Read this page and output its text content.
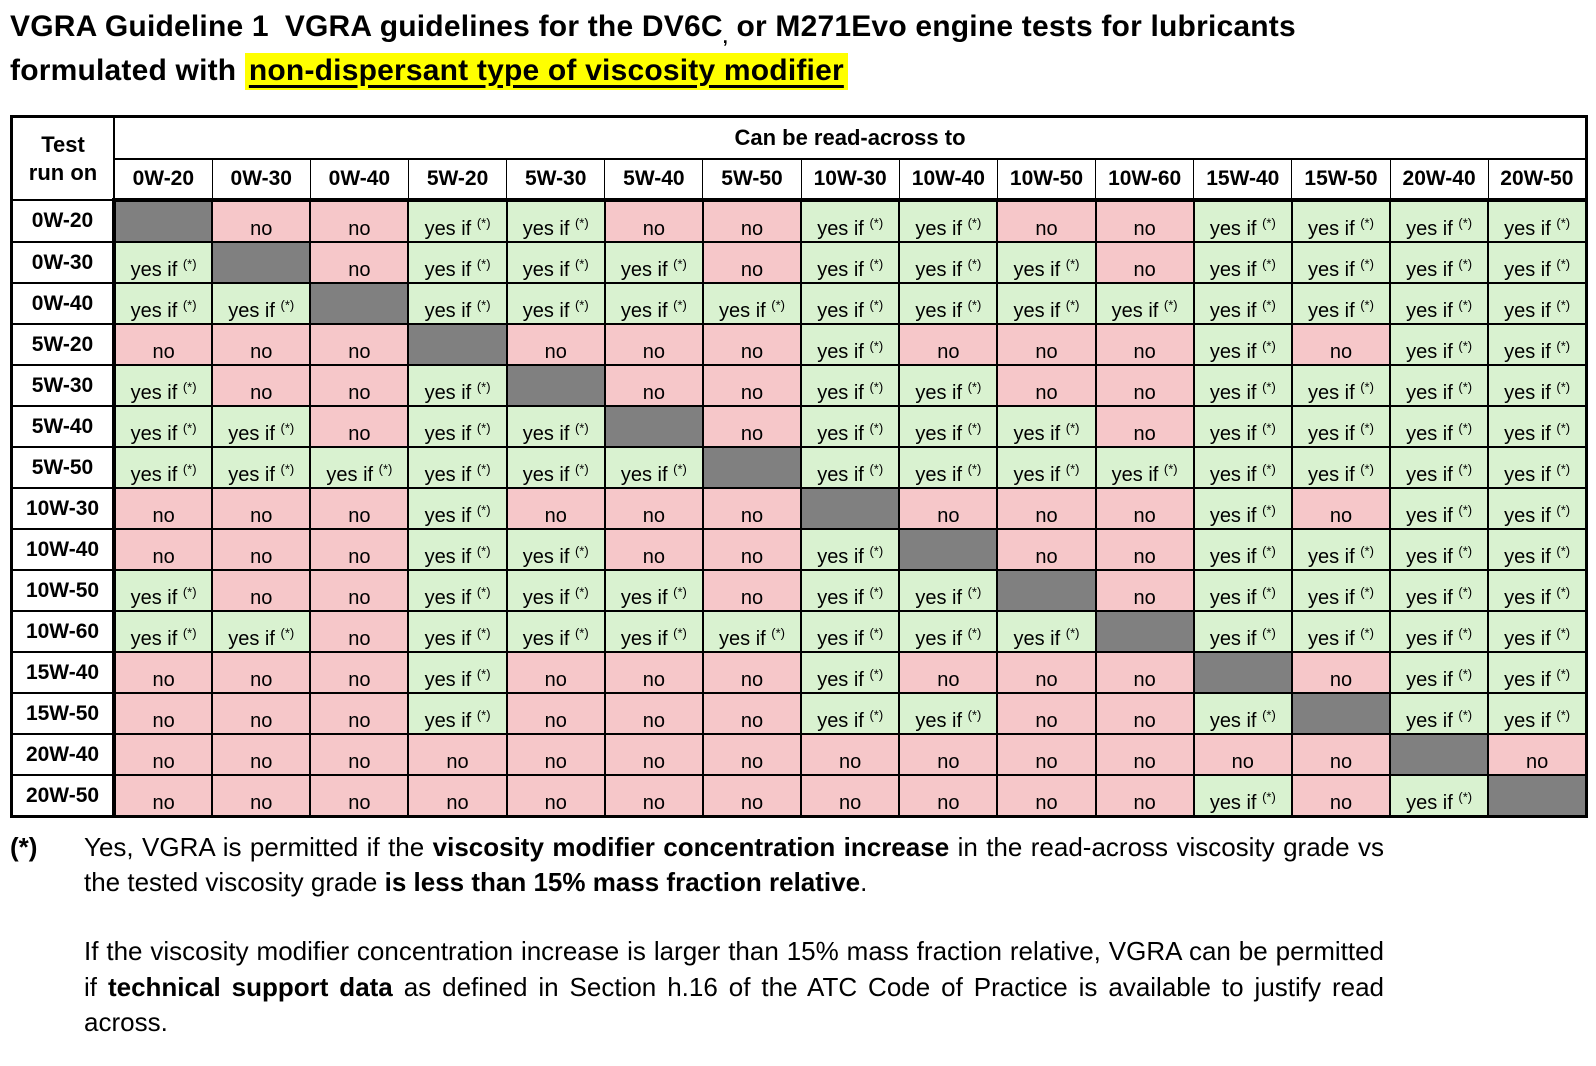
VGRA Guideline 1 VGRA guidelines for the $DV6C_,$ or M271Evo engine tests for lubricants
formulated with non-dispersant type of viscosity modifier
Test
run on	Can be read-across to														
	0W-20	0W-30	0W-40	5W-20	5W-30	5W-40	5W-50	10W-30	10W-40	10W-50	10W-60	15W-40	15W-50	20W-40	20W-50
0W-20		no	no	yes if (*)	yes if (*)	no	no	yes if (*)	yes if (*)	no	no	yes if (*)	yes if (*)	yes if (*)	yes if (*)
0W-30	yes if (*)		no	yes if (*)	yes if (*)	yes if (*)	no	yes if (*)	yes if (*)	yes if (*)	no	yes if (*)	yes if (*)	yes if (*)	yes if (*)
0W-40	yes if (*)	yes if (*)		yes if (*)	yes if (*)	yes if (*)	yes if (*)	yes if (*)	yes if (*)	yes if (*)	yes if (*)	yes if (*)	yes if (*)	yes if (*)	yes if (*)
5W-20	no	no	no		no	no	no	yes if (*)	no	no	no	yes if (*)	no	yes if (*)	yes if (*)
5W-30	yes if (*)	no	no	yes if (*)		no	no	yes if (*)	yes if (*)	no	no	yes if (*)	yes if (*)	yes if (*)	yes if (*)
5W-40	yes if (*)	yes if (*)	no	yes if (*)	yes if (*)		no	yes if (*)	yes if (*)	yes if (*)	no	yes if (*)	yes if (*)	yes if (*)	yes if (*)
5W-50	yes if (*)	yes if (*)	yes if (*)	yes if (*)	yes if (*)	yes if (*)		yes if (*)	yes if (*)	yes if (*)	yes if (*)	yes if (*)	yes if (*)	yes if (*)	yes if (*)
10W-30	no	no	no	yes if (*)	no	no	no		no	no	no	yes if (*)	no	yes if (*)	yes if (*)
10W-40	no	no	no	yes if (*)	yes if (*)	no	no	yes if (*)		no	no	yes if (*)	yes if (*)	yes if (*)	yes if (*)
10W-50	yes if (*)	no	no	yes if (*)	yes if (*)	yes if (*)	no	yes if (*)	yes if (*)		no	yes if (*)	yes if (*)	yes if (*)	yes if (*)
10W-60	yes if (*)	yes if (*)	no	yes if (*)	yes if (*)	yes if (*)	yes if (*)	yes if (*)	yes if (*)	yes if (*)		yes if (*)	yes if (*)	yes if (*)	yes if (*)
15W-40	no	no	no	yes if (*)	no	no	no	yes if (*)	no	no	no		no	yes if (*)	yes if (*)
15W-50	no	no	no	yes if (*)	no	no	no	yes if (*)	yes if (*)	no	no	yes if (*)		yes if (*)	yes if (*)
20W-40	no	no	no	no	no	no	no	no	no	no	no	no	no		no
20W-50	no	no	no	no	no	no	no	no	no	no	no	yes if (*)	no	yes if (*)	
(*) Yes, VGRA is permitted if the viscosity modifier concentration increase in the read-across viscosity grade vs the tested viscosity grade is less than 15% mass fraction relative.
If the viscosity modifier concentration increase is larger than 15% mass fraction relative, VGRA can be permitted if technical support data as defined in Section h.16 of the ATC Code of Practice is available to justify read across.
